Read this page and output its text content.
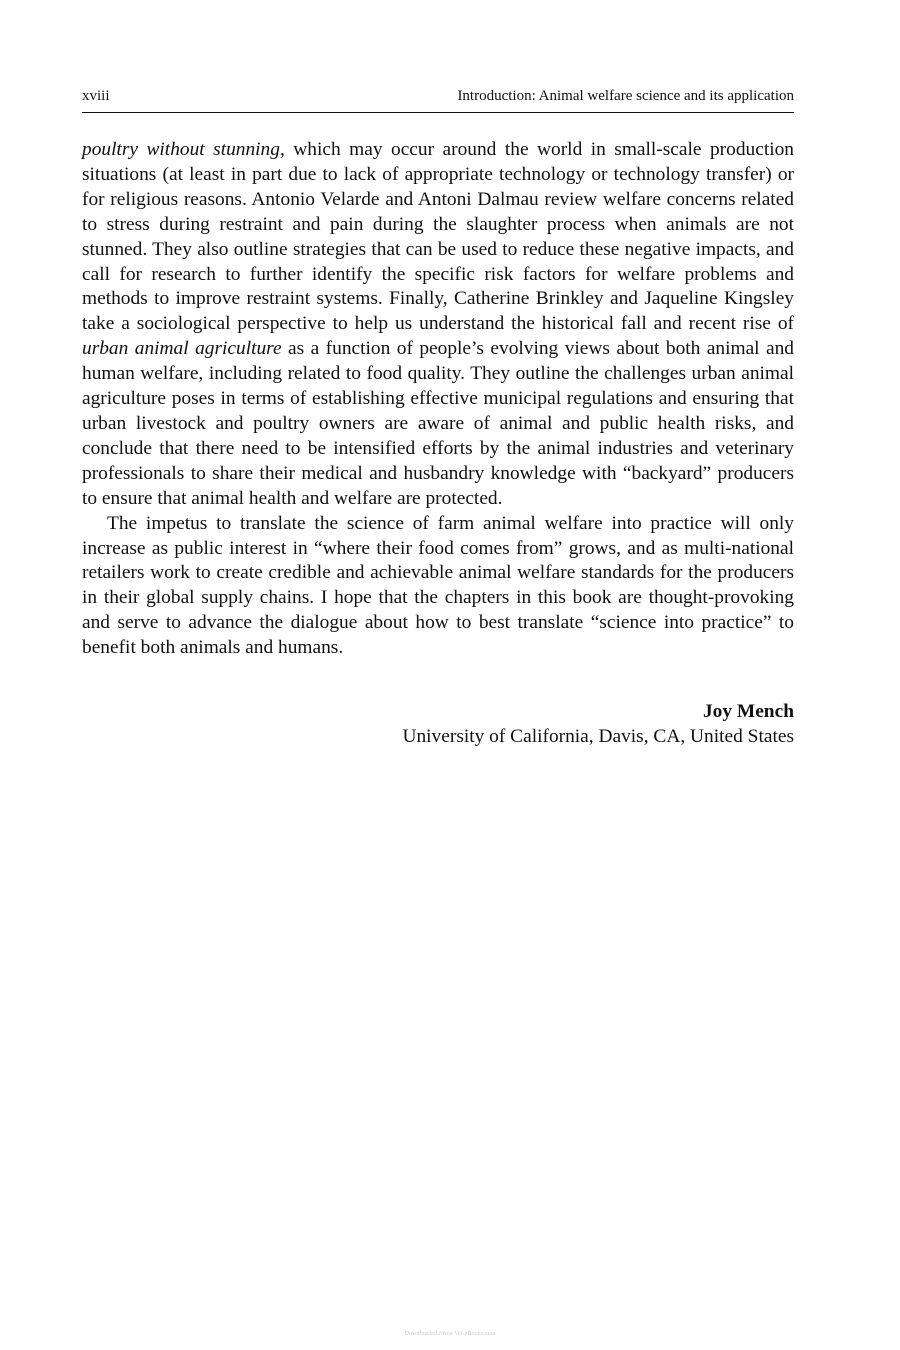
xviii	Introduction: Animal welfare science and its application

poultry without stunning, which may occur around the world in small-scale production situations (at least in part due to lack of appropriate technology or technology transfer) or for religious reasons. Antonio Velarde and Antoni Dalmau review welfare concerns related to stress during restraint and pain during the slaughter process when animals are not stunned. They also outline strategies that can be used to reduce these negative impacts, and call for research to further identify the specific risk factors for welfare problems and methods to improve restraint systems. Finally, Catherine Brinkley and Jaqueline Kingsley take a sociological perspective to help us understand the historical fall and recent rise of urban animal agriculture as a function of people’s evolving views about both animal and human welfare, including related to food quality. They outline the challenges urban animal agriculture poses in terms of establishing effective municipal regulations and ensuring that urban livestock and poultry owners are aware of animal and public health risks, and conclude that there need to be intensified efforts by the animal industries and veterinary professionals to share their medical and husbandry knowledge with “backyard” producers to ensure that animal health and welfare are protected.

The impetus to translate the science of farm animal welfare into practice will only increase as public interest in “where their food comes from” grows, and as multi-national retailers work to create credible and achievable animal welfare standards for the producers in their global supply chains. I hope that the chapters in this book are thought-provoking and serve to advance the dialogue about how to best translate “science into practice” to benefit both animals and humans.

Joy Mench
University of California, Davis, CA, United States
Downloaded From Vet-eBooks.com
